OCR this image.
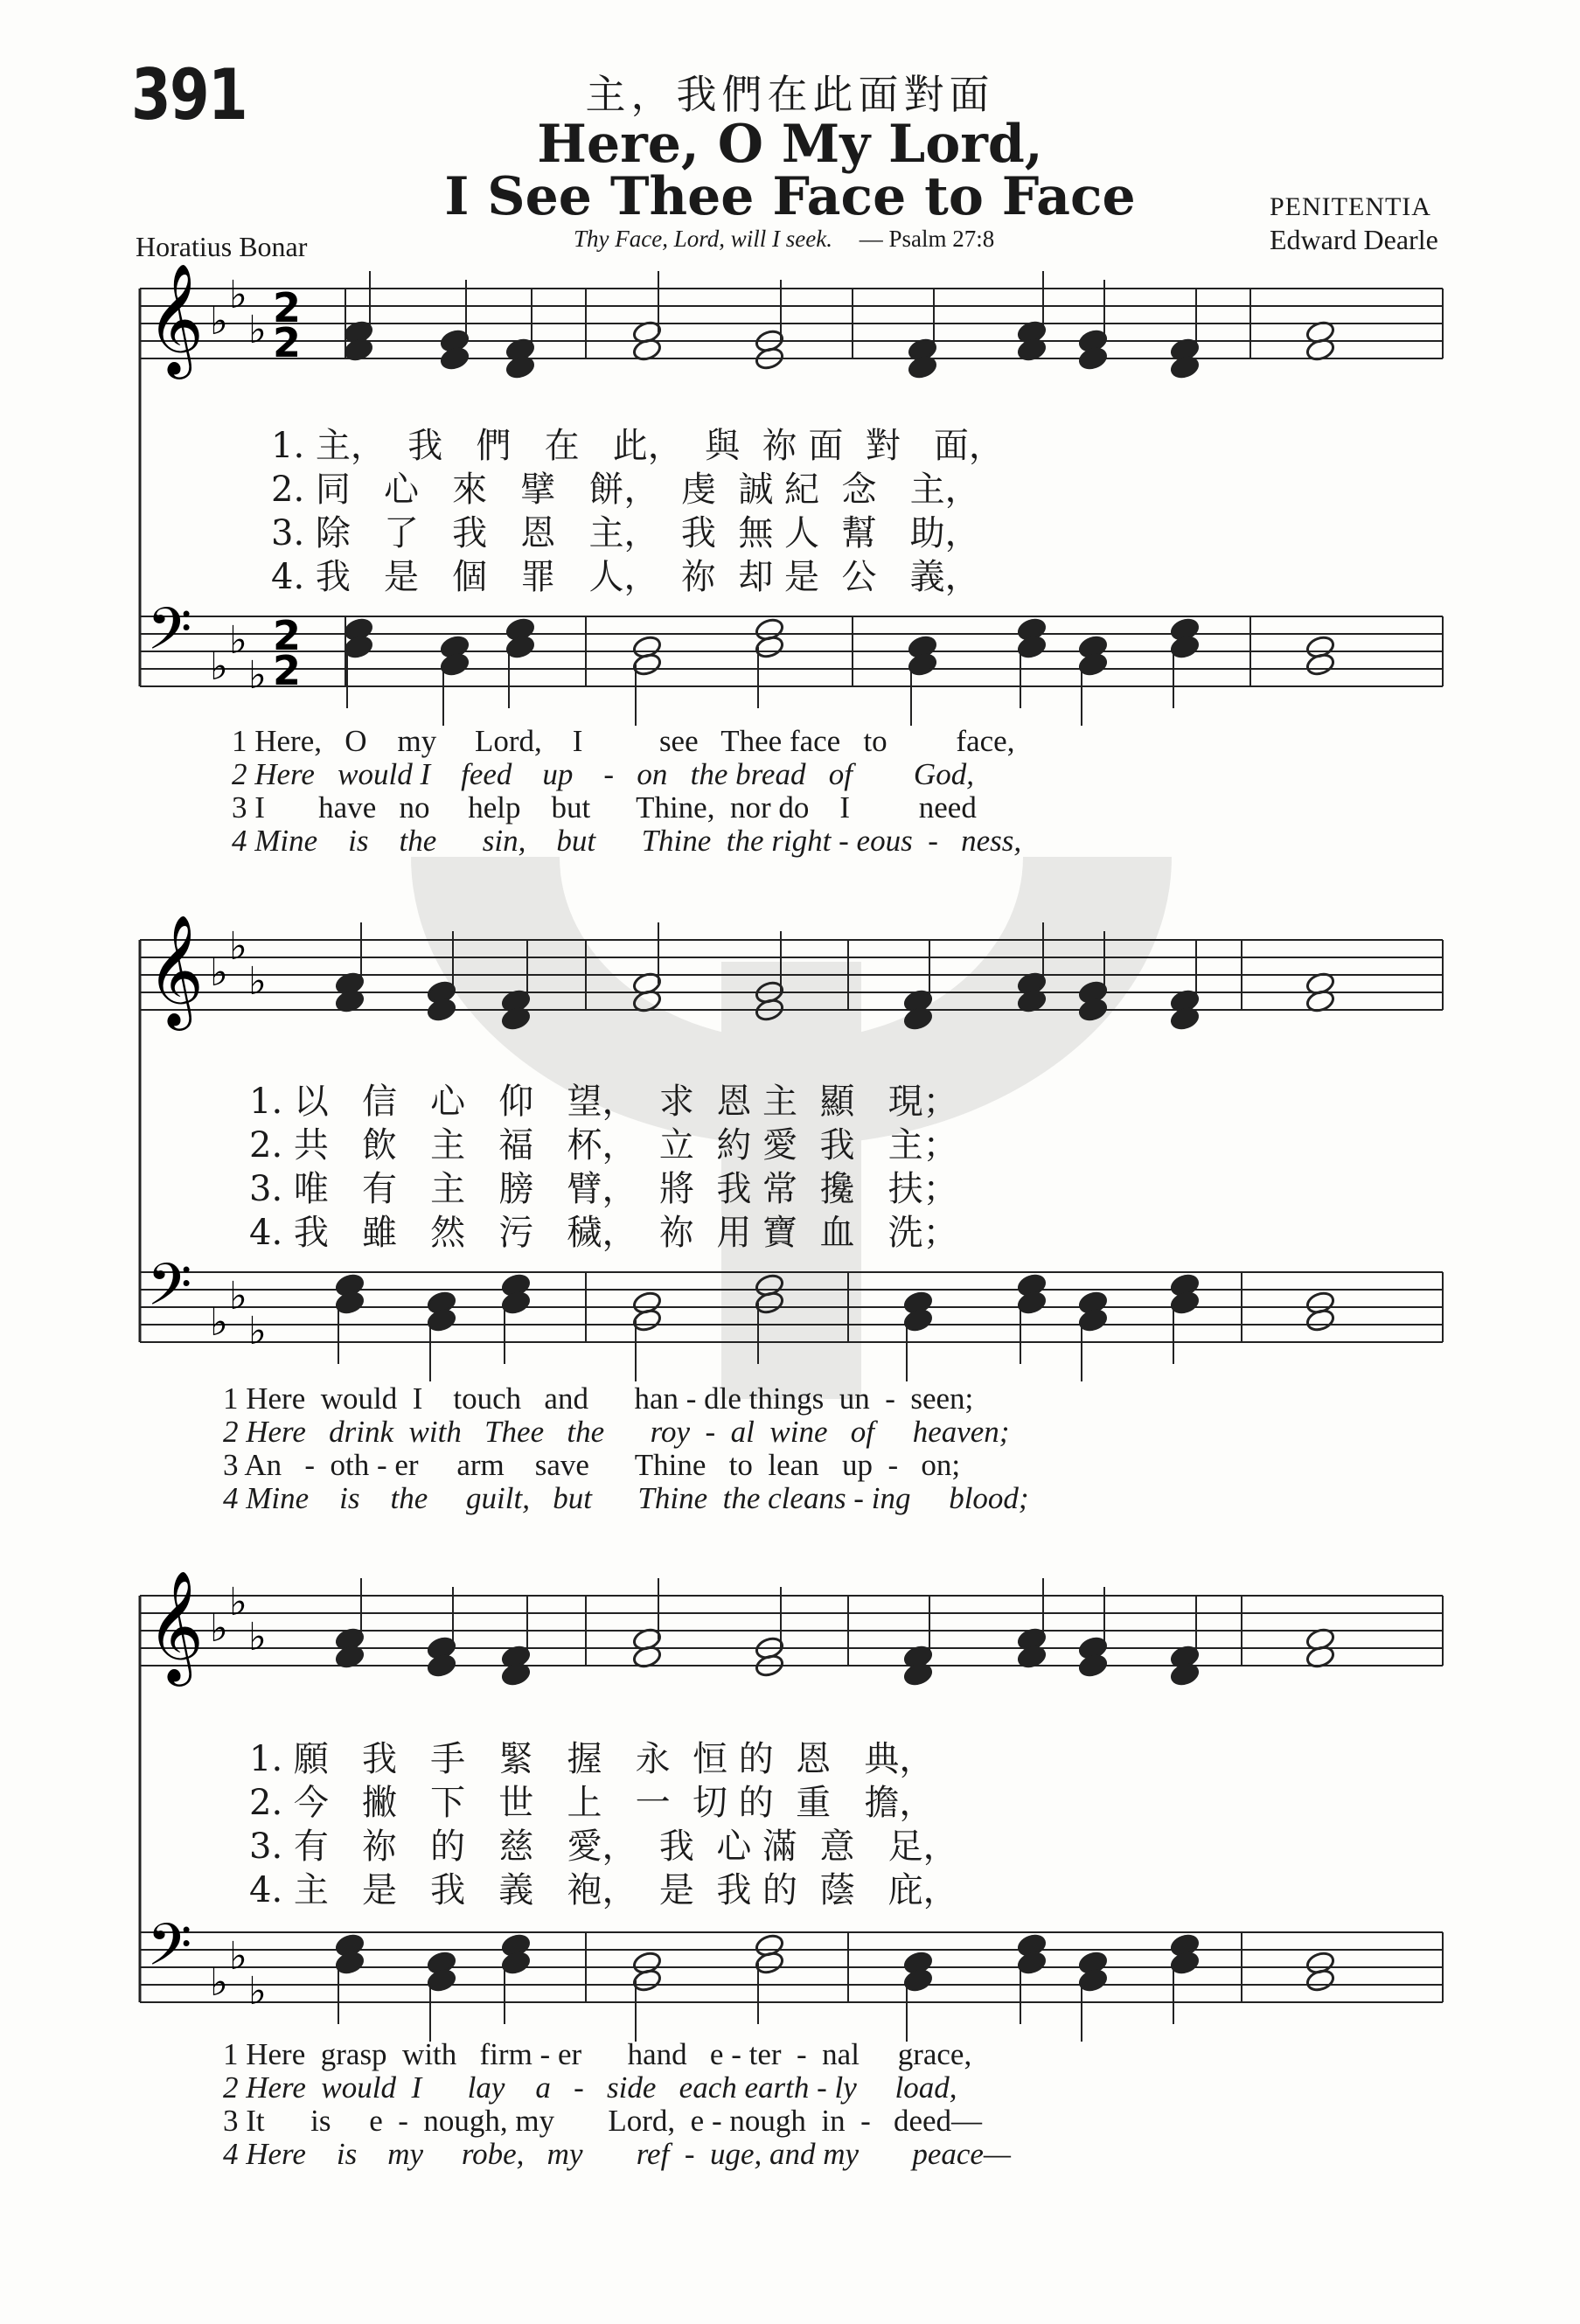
391	主，我們在此面對面
Here, O My Lord,
I See Thee Face to Face	PENITENTIA
Horatius Bonar	Edward Dearle
Thy Face, Lord, will I seek. — Psalm 27:8
𝄞 ♭
♭
♭ 2
2
𝄢 ♭
♭
♭
2
2
𝄞 ♭
♭
♭
𝄢 ♭
♭
♭
𝄞 ♭
♭
♭
𝄢 ♭
♭
♭
1. 主，  我   們   在   此，  與  祢 面  對   面，
2. 同   心   來   擘   餅，  虔  誠 紀  念   主，
3. 除   了   我   恩   主，  我  無 人  幫   助，
4. 我   是   個   罪   人，  祢  却 是  公   義，
1 Here,   O    my     Lord,    I          see   Thee face   to         face,
2 Here   would I    feed    up    -   on   the bread   of        God,
3 I       have   no     help    but      Thine,  nor do    I         need
4 Mine    is    the      sin,    but      Thine  the right - eous  -   ness,
1. 以   信   心   仰   望，  求  恩 主  顯   現；
2. 共   飲   主   福   杯，  立  約 愛  我   主；
3. 唯   有   主   膀   臂，  將  我 常  攙   扶；
4. 我   雖   然   污   穢，  祢  用 寶  血   洗；
1 Here  would  I    touch   and      han - dle things  un  -  seen;
2 Here   drink  with   Thee   the      roy  -  al  wine   of     heaven;
3 An   -  oth - er     arm    save      Thine   to  lean   up  -   on;
4 Mine    is    the     guilt,   but      Thine  the cleans - ing     blood;
1. 願   我   手   緊   握   永  恒 的  恩   典，
2. 今   撇   下   世   上   一  切 的  重   擔，
3. 有   祢   的   慈   愛，  我  心 滿  意   足，
4. 主   是   我   義   袍，  是  我 的  蔭   庇，
1 Here  grasp  with   firm - er      hand   e - ter  -  nal     grace,
2 Here  would  I      lay    a   -   side   each earth - ly     load,
3 It      is     e  -  nough, my       Lord,  e - nough  in  -   deed—
4 Here    is    my     robe,   my       ref  -  uge, and my       peace—
